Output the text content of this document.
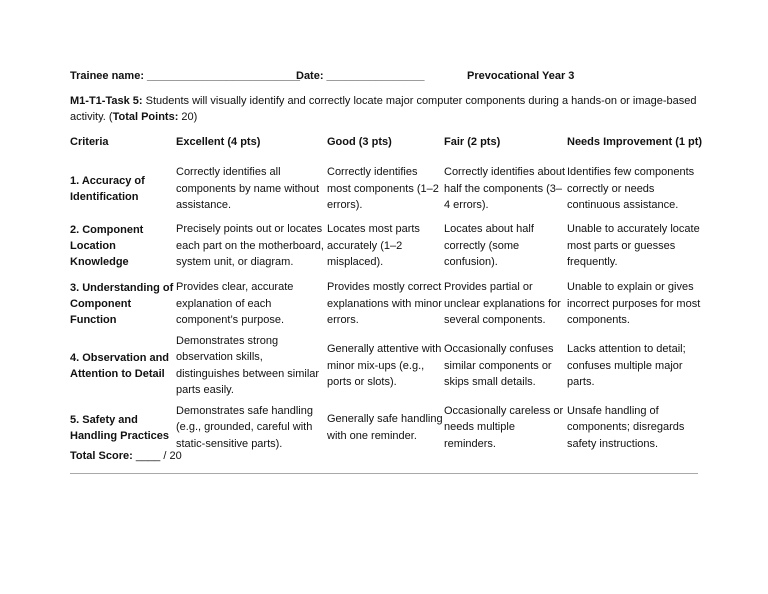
Trainee name: _________________________
Date: ________________	Prevocational Year 3
M1-T1-Task 5: Students will visually identify and correctly locate major computer components during a hands-on or image-based activity. (Total Points: 20)
Criteria	Excellent (4 pts)	Good (3 pts)	Fair (2 pts)	Needs Improvement (1 pt)
1. Accuracy of Identification	Correctly identifies all components by name without assistance.	Correctly identifies most components (1–2 errors).	Correctly identifies about half the components (3–4 errors).	Identifies few components correctly or needs continuous assistance.
2. Component Location Knowledge	Precisely points out or locates each part on the motherboard, system unit, or diagram.	Locates most parts accurately (1–2 misplaced).	Locates about half correctly (some confusion).	Unable to accurately locate most parts or guesses frequently.
3. Understanding of Component Function	Provides clear, accurate explanation of each component’s purpose.	Provides mostly correct explanations with minor errors.	Provides partial or unclear explanations for several components.	Unable to explain or gives incorrect purposes for most components.
4. Observation and Attention to Detail	Demonstrates strong observation skills, distinguishes between similar parts easily.	Generally attentive with minor mix-ups (e.g., ports or slots).	Occasionally confuses similar components or skips small details.	Lacks attention to detail; confuses multiple major parts.
5. Safety and Handling Practices	Demonstrates safe handling (e.g., grounded, careful with static-sensitive parts).	Generally safe handling with one reminder.	Occasionally careless or needs multiple reminders.	Unsafe handling of components; disregards safety instructions.
Total Score: ____ / 20
